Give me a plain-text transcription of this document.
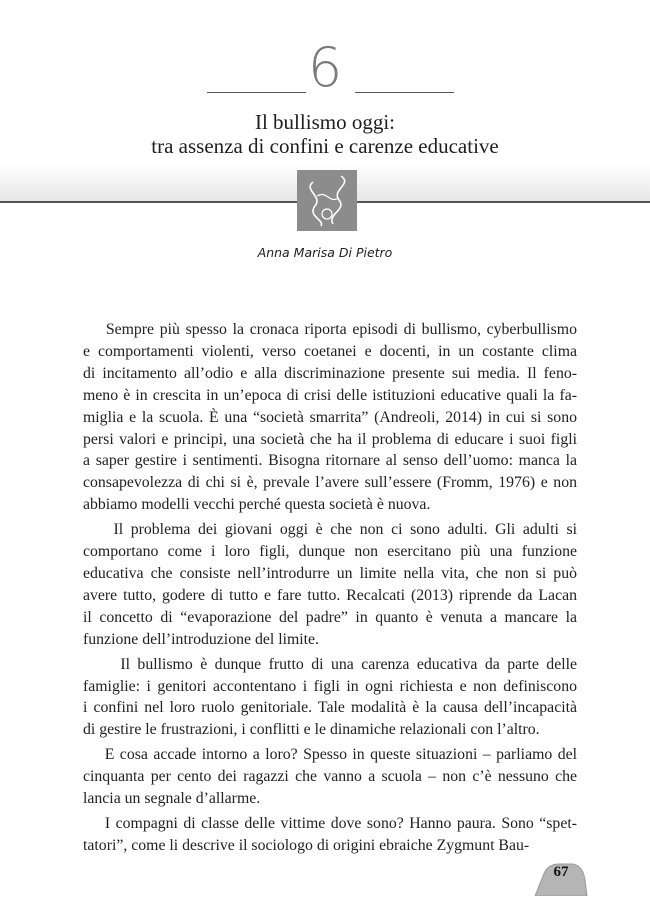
6
Il bullismo oggi:
tra assenza di confini e carenze educative
Anna Marisa Di Pietro
Sempre più spesso la cronaca riporta episodi di bullismo, cyberbullismo
e comportamenti violenti, verso coetanei e docenti, in un costante clima
di incitamento all’odio e alla discriminazione presente sui media. Il feno-
meno è in crescita in un’epoca di crisi delle istituzioni educative quali la fa-
miglia e la scuola. È una “società smarrita” (Andreoli, 2014) in cui si sono
persi valori e principi, una società che ha il problema di educare i suoi figli
a saper gestire i sentimenti. Bisogna ritornare al senso dell’uomo: manca la
consapevolezza di chi si è, prevale l’avere sull’essere (Fromm, 1976) e non
abbiamo modelli vecchi perché questa società è nuova.
Il problema dei giovani oggi è che non ci sono adulti. Gli adulti si
comportano come i loro figli, dunque non esercitano più una funzione
educativa che consiste nell’introdurre un limite nella vita, che non si può
avere tutto, godere di tutto e fare tutto. Recalcati (2013) riprende da Lacan
il concetto di “evaporazione del padre” in quanto è venuta a mancare la
funzione dell’introduzione del limite.
Il bullismo è dunque frutto di una carenza educativa da parte delle
famiglie: i genitori accontentano i figli in ogni richiesta e non definiscono
i confini nel loro ruolo genitoriale. Tale modalità è la causa dell’incapacità
di gestire le frustrazioni, i conflitti e le dinamiche relazionali con l’altro.
E cosa accade intorno a loro? Spesso in queste situazioni – parliamo del
cinquanta per cento dei ragazzi che vanno a scuola – non c’è nessuno che
lancia un segnale d’allarme.
I compagni di classe delle vittime dove sono? Hanno paura. Sono “spet-
tatori”, come li descrive il sociologo di origini ebraiche Zygmunt Bau-
67
